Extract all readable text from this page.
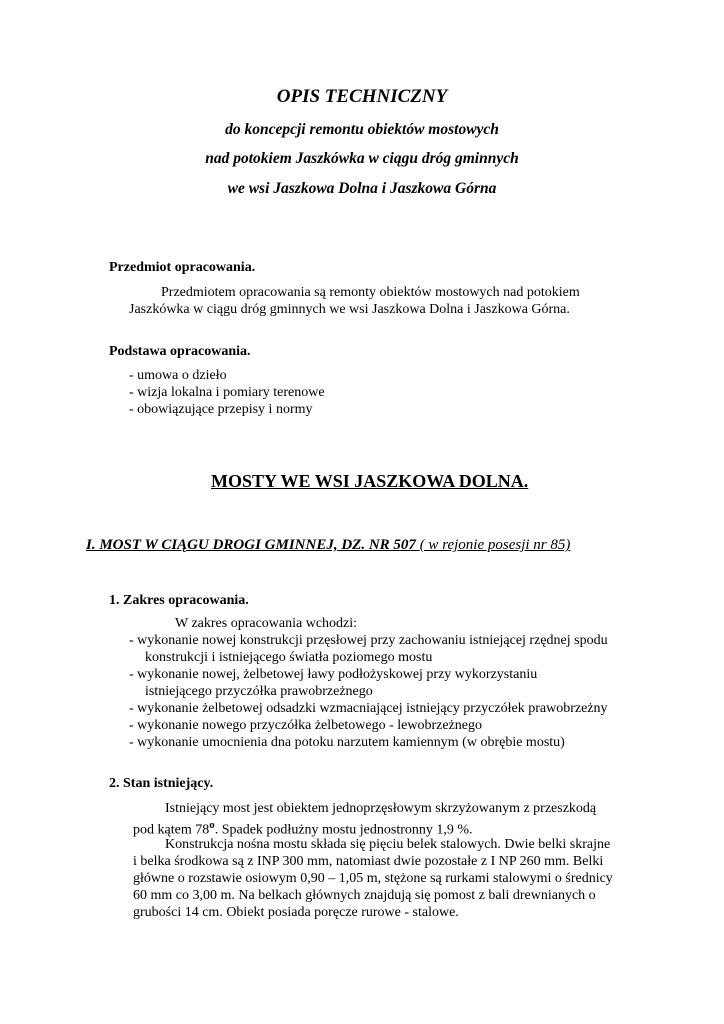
OPIS TECHNICZNY
do koncepcji remontu obiektów mostowych
nad potokiem Jaszkówka w ciągu dróg gminnych
we wsi Jaszkowa Dolna i Jaszkowa Górna
Przedmiot opracowania.
Przedmiotem opracowania są remonty obiektów mostowych nad potokiem
Jaszkówka w ciągu dróg gminnych we wsi Jaszkowa Dolna i Jaszkowa Górna.
Podstawa opracowania.
- umowa o dzieło
- wizja lokalna i pomiary terenowe
- obowiązujące przepisy i normy
MOSTY WE WSI JASZKOWA DOLNA.
I. MOST W CIĄGU DROGI GMINNEJ, DZ. NR 507 ( w rejonie posesji nr 85)
1. Zakres opracowania.
W zakres opracowania wchodzi:
- wykonanie nowej konstrukcji przęsłowej przy zachowaniu istniejącej rzędnej spodu
konstrukcji i istniejącego światła poziomego mostu
- wykonanie nowej, żelbetowej ławy podłożyskowej przy wykorzystaniu
istniejącego przyczółka prawobrzeżnego
- wykonanie żelbetowej odsadzki wzmacniającej istniejący przyczółek prawobrzeżny
- wykonanie nowego przyczółka żelbetowego - lewobrzeżnego
- wykonanie umocnienia dna potoku narzutem kamiennym (w obrębie mostu)
2. Stan istniejący.
Istniejący most jest obiektem jednoprzęsłowym skrzyżowanym z przeszkodą
pod kątem 78$^o$. Spadek podłużny mostu jednostronny 1,9 %.
Konstrukcja nośna mostu składa się pięciu belek stalowych. Dwie belki skrajne
i belka środkowa są z INP 300 mm, natomiast dwie pozostałe z I NP 260 mm. Belki
główne o rozstawie osiowym 0,90 – 1,05 m, stężone są rurkami stalowymi o średnicy
60 mm co 3,00 m. Na belkach głównych znajdują się pomost z bali drewnianych o
grubości 14 cm. Obiekt posiada poręcze rurowe - stalowe.
